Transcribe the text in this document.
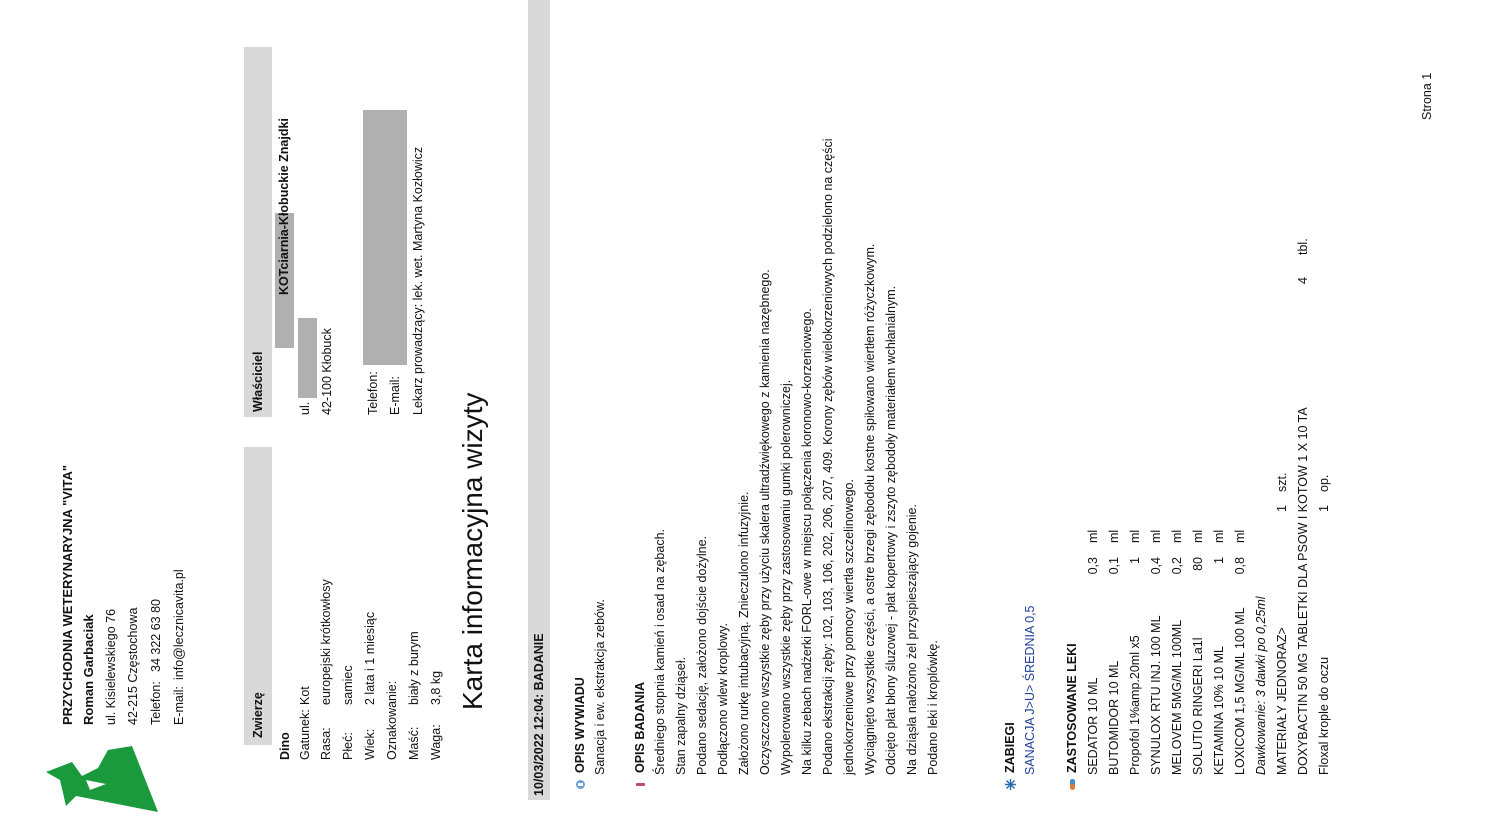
PRZYCHODNIA WETERYNARYJNA "VITA" Roman Garbaciak ul. Kisielewskiego 76 42-215 Częstochowa Telefon:
34 322 63 80
E-mail:
info@lecznicavita.pl
Zwierzę
Dino Gatunek:
Kot
Rasa:
europejski krótkowłosy
Płeć:
samiec
Wiek:
2 lata i 1 miesiąc
Oznakowanie: Maść:
biały z burym
Waga:
3,8 kg
Właściciel
KOTciarnia-Kłobuckie Znajdki
ul. 42-100 Kłobuck	Telefon: E-mail: Lekarz prowadzący: lek. wet. Martyna Kozłowicz
Karta informacyjna wizyty
10/03/2022 12:04: BADANIE OPIS WYWIADU Sanacja i ew. ekstrakcja zebów. OPIS BADANIA Średniego stopnia kamień i osad na zębach. Stan zapalny dziąseł. Podano sedację, założono dojście dożylne. Podłączono wlew kroplowy. Założono rurkę intubacyjną. Znieczulono infuzyjnie. Oczyszczono wszystkie zęby przy użyciu skalera ultradźwiękowego z kamienia nazębnego. Wypolerowano wszystkie zęby przy zastosowaniu gumki polerowniczej. Na kilku zebach nadżerki FORL-owe w miejscu połączenia koronowo-korzeniowego. Podano ekstrakcji zęby: 102, 103, 106, 202, 206, 207, 409. Korony zębów wielokorzeniowych podzielono na części jednokorzeniowe przy pomocy wiertła szczelinowego. Wyciągnięto wszystkie części, a ostre brzegi zębodołu kostne spiłowano wiertłem różyczkowym. Odcięto płat błony śluzowej - płat kopertowy i zszyto zębodoły materiałem wchłanialnym. Na dziąsła nałożono żel przyspieszający gojenie. Podano leki i kroplówkę.	ZABIEGI SANACJA J>U> ŚREDNIA 0,5 ZASTOSOWANE LEKI SEDATOR 10 ML
0,3
ml
BUTOMIDOR 10 ML
0,1
ml
Propofol 1%amp.20ml x5
1
ml
SYNULOX RTU INJ. 100 ML
0,4
ml
MELOVEM 5MG/ML 100ML
0,2
ml
SOLUTIO RINGERI La1l
80
ml
KETAMINA 10% 10 ML
1
ml
LOXICOM 1,5 MG/ML 100 ML
0,8
ml
Dawkowanie: 3 dawki po 0,25ml MATERIAŁY JEDNORAZ>
1
szt. DOXYBACTIN 50 MG TABLETKI DLA PSOW I KOTOW 1 X 10 TA
4
tbl.
Floxal krople do oczu
1
op.
Strona 1
